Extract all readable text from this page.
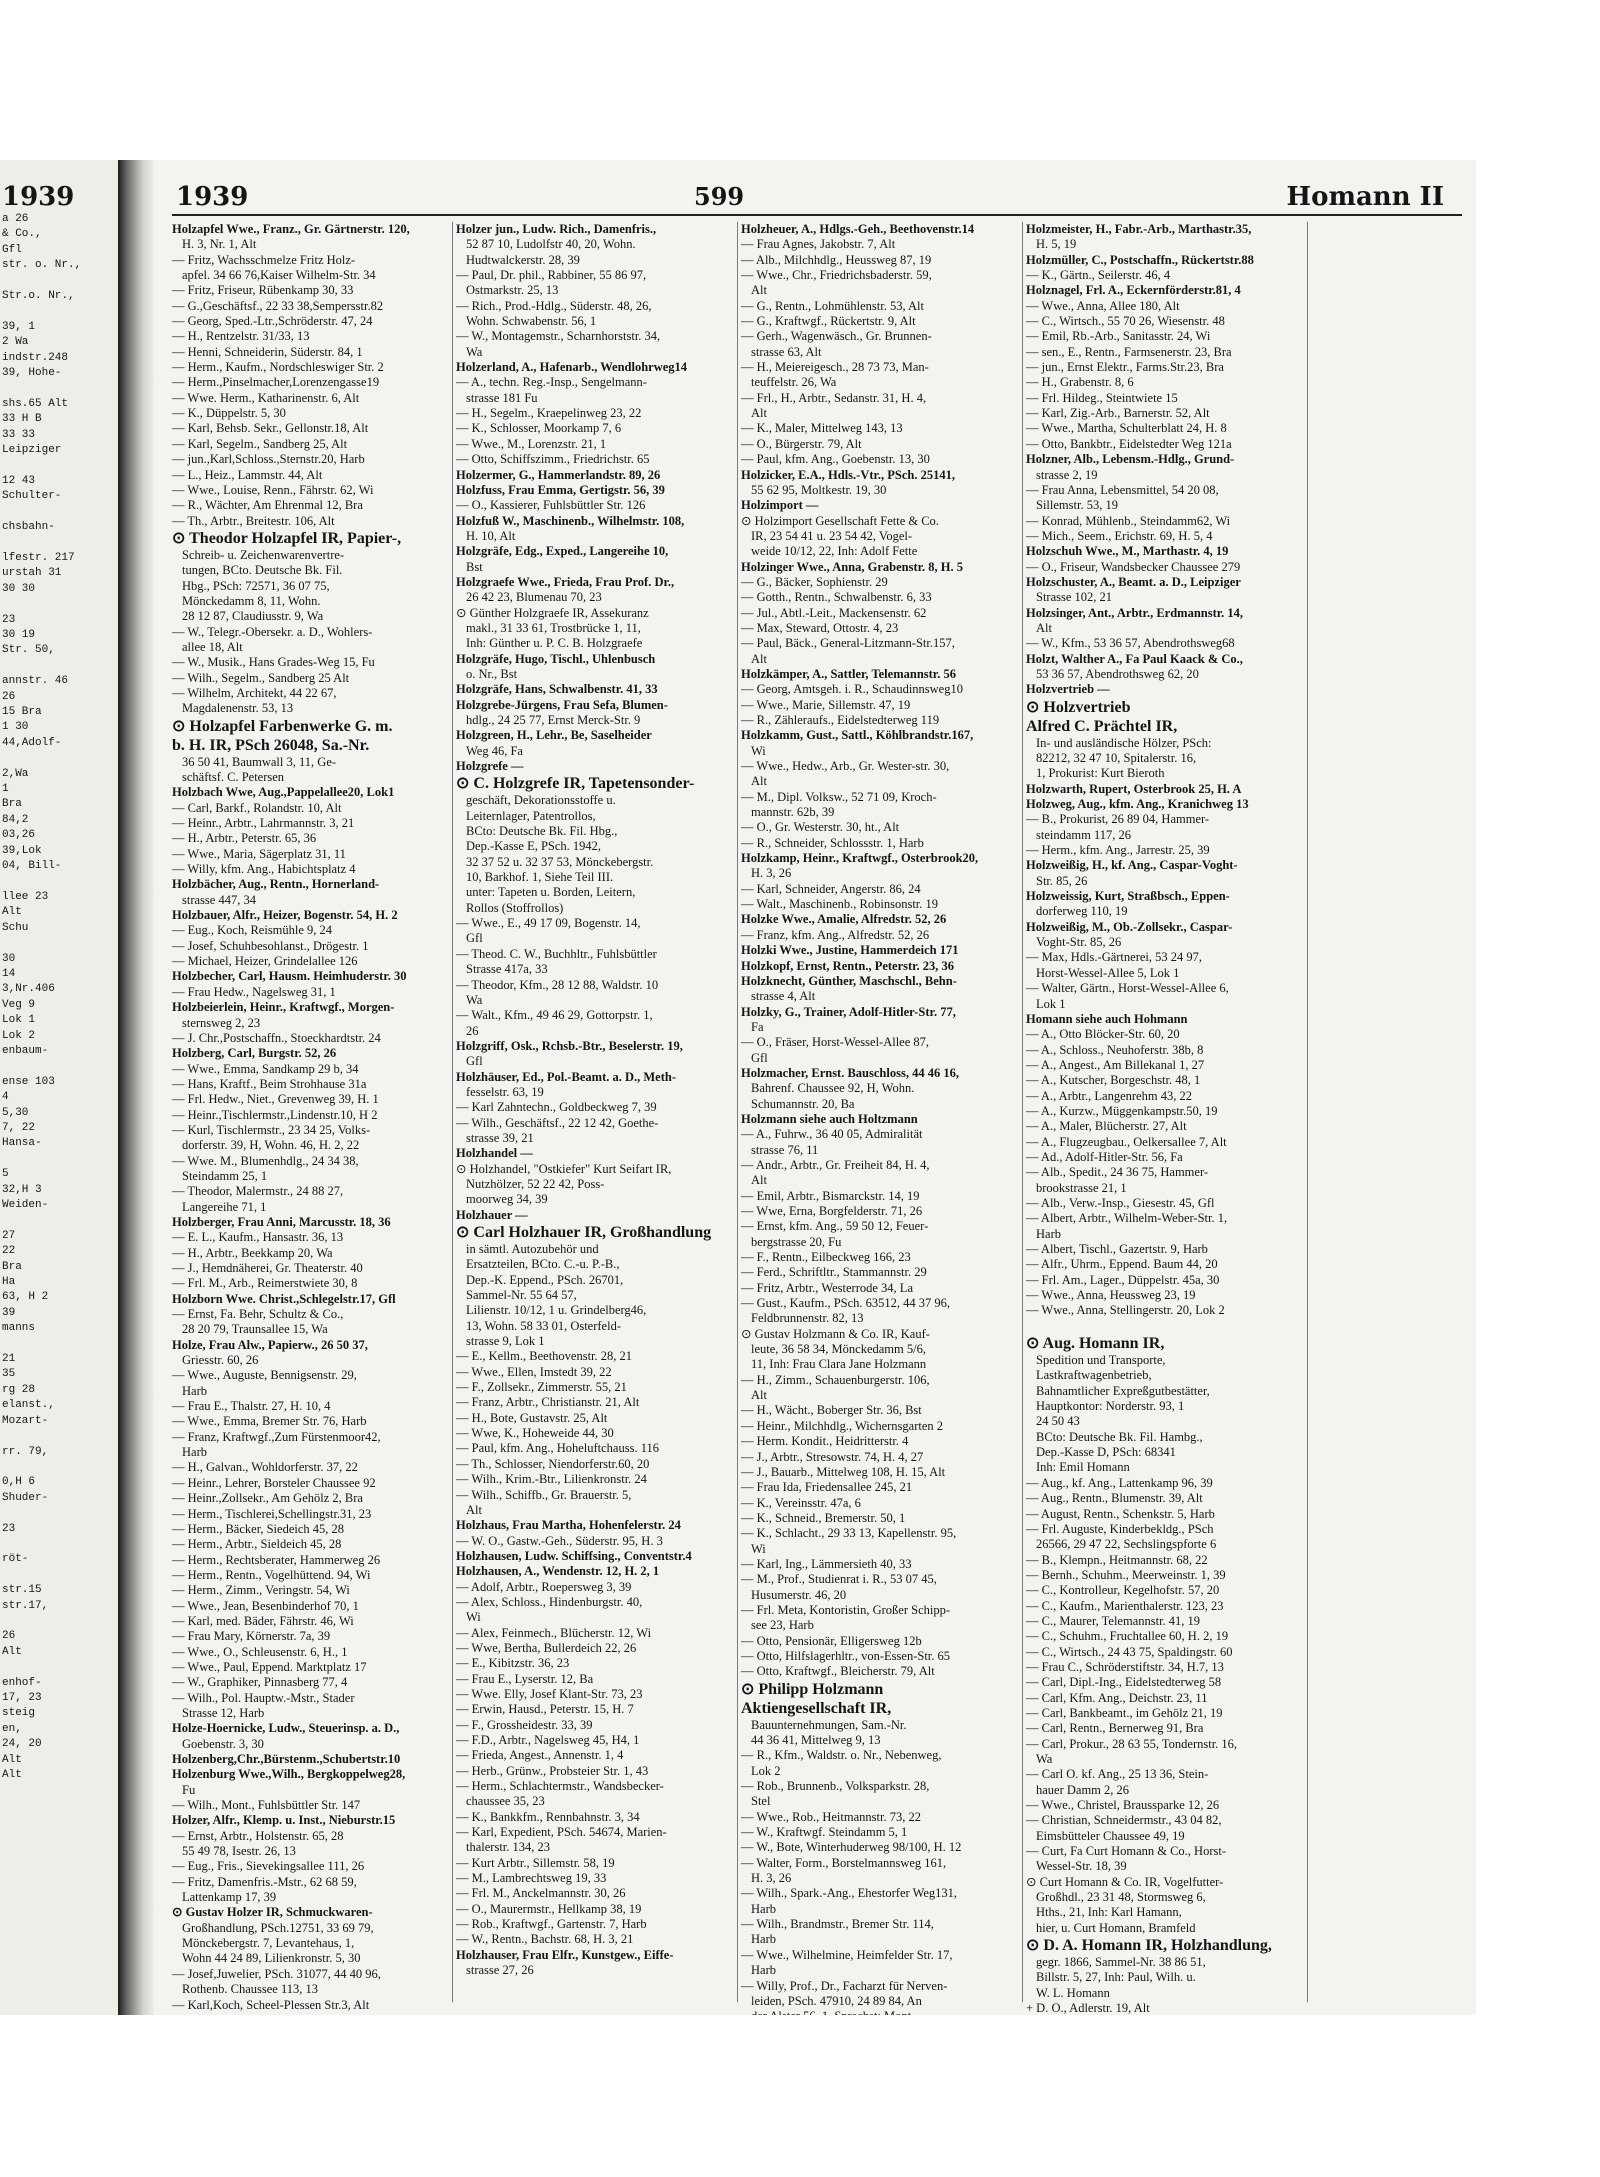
1939
a 26
& Co.,
Gfl
str. o. Nr.,

Str.o. Nr.,

39, 1
2 Wa
indstr.248
39, Hohe-

shs.65 Alt
33 H B
33 33
Leipziger

12 43
Schulter-

chsbahn-

lfestr. 217
urstah 31
30 30

23
30 19
Str. 50,

annstr. 46
26
15 Bra
1 30
44,Adolf-

2,Wa
1
Bra
84,2
03,26
39,Lok
04, Bill-

llee 23
Alt
Schu

30
14
3,Nr.406
Veg 9
Lok 1
Lok 2
enbaum-

ense 103
4
5,30
7, 22
Hansa-

5
32,H 3
Weiden-

27
22
Bra
Ha
63, H 2
39
manns

21
35
rg 28
elanst.,
Mozart-

rr. 79,

0,H 6
Shuder-

23

röt-

str.15
str.17,

26
Alt

enhof-
17, 23
steig
en,
24, 20
Alt
Alt
1939	599	Homann II
Holzapfel Wwe., Franz., Gr. Gärtnerstr. 120,
H. 3, Nr. 1, Alt
— Fritz, Wachsschmelze Fritz Holz-
apfel. 34 66 76,Kaiser Wilhelm-Str. 34
— Fritz, Friseur, Rübenkamp 30, 33
— G.,Geschäftsf., 22 33 38,Sempersstr.82
— Georg, Sped.-Ltr.,Schröderstr. 47, 24
— H., Rentzelstr. 31/33, 13
— Henni, Schneiderin, Süderstr. 84, 1
— Herm., Kaufm., Nordschleswiger Str. 2
— Herm.,Pinselmacher,Lorenzengasse19
— Wwe. Herm., Katharinenstr. 6, Alt
— K., Düppelstr. 5, 30
— Karl, Behsb. Sekr., Gellonstr.18, Alt
— Karl, Segelm., Sandberg 25, Alt
— jun.,Karl,Schloss.,Sternstr.20, Harb
— L., Heiz., Lammstr. 44, Alt
— Wwe., Louise, Renn., Fährstr. 62, Wi
— R., Wächter, Am Ehrenmal 12, Bra
— Th., Arbtr., Breitestr. 106, Alt
⊙ Theodor Holzapfel IR, Papier-,
Schreib- u. Zeichenwarenvertre-
tungen, BCto. Deutsche Bk. Fil.
Hbg., PSch: 72571, 36 07 75,
Mönckedamm 8, 11, Wohn.
28 12 87, Claudiusstr. 9, Wa
— W., Telegr.-Obersekr. a. D., Wohlers-
allee 18, Alt
— W., Musik., Hans Grades-Weg 15, Fu
— Wilh., Segelm., Sandberg 25 Alt
— Wilhelm, Architekt, 44 22 67,
Magdalenenstr. 53, 13
⊙ Holzapfel Farbenwerke G. m.
b. H. IR, PSch 26048, Sa.-Nr.
36 50 41, Baumwall 3, 11, Ge-
schäftsf. C. Petersen
Holzbach Wwe, Aug.,Pappelallee20, Lok1
— Carl, Barkf., Rolandstr. 10, Alt
— Heinr., Arbtr., Lahrmannstr. 3, 21
— H., Arbtr., Peterstr. 65, 36
— Wwe., Maria, Sägerplatz 31, 11
— Willy, kfm. Ang., Habichtsplatz 4
Holzbächer, Aug., Rentn., Hornerland-
strasse 447, 34
Holzbauer, Alfr., Heizer, Bogenstr. 54, H. 2
— Eug., Koch, Reismühle 9, 24
— Josef, Schuhbesohlanst., Drögestr. 1
— Michael, Heizer, Grindelallee 126
Holzbecher, Carl, Hausm. Heimhuderstr. 30
— Frau Hedw., Nagelsweg 31, 1
Holzbeierlein, Heinr., Kraftwgf., Morgen-
sternsweg 2, 23
— J. Chr.,Postschaffn., Stoeckhardtstr. 24
Holzberg, Carl, Burgstr. 52, 26
— Wwe., Emma, Sandkamp 29 b, 34
— Hans, Kraftf., Beim Strohhause 31a
— Frl. Hedw., Niet., Grevenweg 39, H. 1
— Heinr.,Tischlermstr.,Lindenstr.10, H 2
— Kurl, Tischlermstr., 23 34 25, Volks-
dorferstr. 39, H, Wohn. 46, H. 2, 22
— Wwe. M., Blumenhdlg., 24 34 38,
Steindamm 25, 1
— Theodor, Malermstr., 24 88 27,
Langereihe 71, 1
Holzberger, Frau Anni, Marcusstr. 18, 36
— E. L., Kaufm., Hansastr. 36, 13
— H., Arbtr., Beekkamp 20, Wa
— J., Hemdnäherei, Gr. Theaterstr. 40
— Frl. M., Arb., Reimerstwiete 30, 8
Holzborn Wwe. Christ.,Schlegelstr.17, Gfl
— Ernst, Fa. Behr, Schultz & Co.,
28 20 79, Traunsallee 15, Wa
Holze, Frau Alw., Papierw., 26 50 37,
Griesstr. 60, 26
— Wwe., Auguste, Bennigsenstr. 29,
Harb
— Frau E., Thalstr. 27, H. 10, 4
— Wwe., Emma, Bremer Str. 76, Harb
— Franz, Kraftwgf.,Zum Fürstenmoor42,
Harb
— H., Galvan., Wohldorferstr. 37, 22
— Heinr., Lehrer, Borsteler Chaussee 92
— Heinr.,Zollsekr., Am Gehölz 2, Bra
— Herm., Tischlerei,Schellingstr.31, 23
— Herm., Bäcker, Siedeich 45, 28
— Herm., Arbtr., Sieldeich 45, 28
— Herm., Rechtsberater, Hammerweg 26
— Herm., Rentn., Vogelhüttend. 94, Wi
— Herm., Zimm., Veringstr. 54, Wi
— Wwe., Jean, Besenbinderhof 70, 1
— Karl, med. Bäder, Fährstr. 46, Wi
— Frau Mary, Körnerstr. 7a, 39
— Wwe., O., Schleusenstr. 6, H., 1
— Wwe., Paul, Eppend. Marktplatz 17
— W., Graphiker, Pinnasberg 77, 4
— Wilh., Pol. Hauptw.-Mstr., Stader
Strasse 12, Harb
Holze-Hoernicke, Ludw., Steuerinsp. a. D.,
Goebenstr. 3, 30
Holzenberg,Chr.,Bürstenm.,Schubertstr.10
Holzenburg Wwe.,Wilh., Bergkoppelweg28,
Fu
— Wilh., Mont., Fuhlsbüttler Str. 147
Holzer, Alfr., Klemp. u. Inst., Nieburstr.15
— Ernst, Arbtr., Holstenstr. 65, 28
55 49 78, Isestr. 26, 13
— Eug., Fris., Sievekingsallee 111, 26
— Fritz, Damenfris.-Mstr., 62 68 59,
Lattenkamp 17, 39
⊙ Gustav Holzer IR, Schmuckwaren-
Großhandlung, PSch.12751, 33 69 79,
Mönckebergstr. 7, Levantehaus, 1,
Wohn 44 24 89, Lilienkronstr. 5, 30
— Josef,Juwelier, PSch. 31077, 44 40 96,
Rothenb. Chaussee 113, 13
— Karl,Koch, Scheel-Plessen Str.3, Alt
Holzer jun., Ludw. Rich., Damenfris.,
52 87 10, Ludolfstr 40, 20, Wohn.
Hudtwalckerstr. 28, 39
— Paul, Dr. phil., Rabbiner, 55 86 97,
Ostmarkstr. 25, 13
— Rich., Prod.-Hdlg., Süderstr. 48, 26,
Wohn. Schwabenstr. 56, 1
— W., Montagemstr., Scharnhorststr. 34,
Wa
Holzerland, A., Hafenarb., Wendlohrweg14
— A., techn. Reg.-Insp., Sengelmann-
strasse 181 Fu
— H., Segelm., Kraepelinweg 23, 22
— K., Schlosser, Moorkamp 7, 6
— Wwe., M., Lorenzstr. 21, 1
— Otto, Schiffszimm., Friedrichstr. 65
Holzermer, G., Hammerlandstr. 89, 26
Holzfuss, Frau Emma, Gertigstr. 56, 39
— O., Kassierer, Fuhlsbüttler Str. 126
Holzfuß W., Maschinenb., Wilhelmstr. 108,
H. 10, Alt
Holzgräfe, Edg., Exped., Langereihe 10,
Bst
Holzgraefe Wwe., Frieda, Frau Prof. Dr.,
26 42 23, Blumenau 70, 23
⊙ Günther Holzgraefe IR, Assekuranz
makl., 31 33 61, Trostbrücke 1, 11,
Inh: Günther u. P. C. B. Holzgraefe
Holzgräfe, Hugo, Tischl., Uhlenbusch
o. Nr., Bst
Holzgräfe, Hans, Schwalbenstr. 41, 33
Holzgrebe-Jürgens, Frau Sefa, Blumen-
hdlg., 24 25 77, Ernst Merck-Str. 9
Holzgreen, H., Lehr., Be, Saselheider
Weg 46, Fa
Holzgrefe —
⊙ C. Holzgrefe IR, Tapetensonder-
geschäft, Dekorationsstoffe u.
Leiternlager, Patentrollos,
BCto: Deutsche Bk. Fil. Hbg.,
Dep.-Kasse E, PSch. 1942,
32 37 52 u. 32 37 53, Mönckebergstr.
10, Barkhof. 1, Siehe Teil III.
unter: Tapeten u. Borden, Leitern,
Rollos (Stoffrollos)
— Wwe., E., 49 17 09, Bogenstr. 14,
Gfl
— Theod. C. W., Buchhltr., Fuhlsbüttler
Strasse 417a, 33
— Theodor, Kfm., 28 12 88, Waldstr. 10
Wa
— Walt., Kfm., 49 46 29, Gottorpstr. 1,
26
Holzgriff, Osk., Rchsb.-Btr., Beselerstr. 19,
Gfl
Holzhäuser, Ed., Pol.-Beamt. a. D., Meth-
fesselstr. 63, 19
— Karl Zahntechn., Goldbeckweg 7, 39
— Wilh., Geschäftsf., 22 12 42, Goethe-
strasse 39, 21
Holzhandel —
⊙ Holzhandel, "Ostkiefer" Kurt Seifart IR,
Nutzhölzer, 52 22 42, Poss-
moorweg 34, 39
Holzhauer —
⊙ Carl Holzhauer IR, Großhandlung
in sämtl. Autozubehör und
Ersatzteilen, BCto. C.-u. P.-B.,
Dep.-K. Eppend., PSch. 26701,
Sammel-Nr. 55 64 57,
Lilienstr. 10/12, 1 u. Grindelberg46,
13, Wohn. 58 33 01, Osterfeld-
strasse 9, Lok 1
— E., Kellm., Beethovenstr. 28, 21
— Wwe., Ellen, Imstedt 39, 22
— F., Zollsekr., Zimmerstr. 55, 21
— Franz, Arbtr., Christianstr. 21, Alt
— H., Bote, Gustavstr. 25, Alt
— Wwe, K., Hoheweide 44, 30
— Paul, kfm. Ang., Hoheluftchauss. 116
— Th., Schlosser, Niendorferstr.60, 20
— Wilh., Krim.-Btr., Lilienkronstr. 24
— Wilh., Schiffb., Gr. Brauerstr. 5,
Alt
Holzhaus, Frau Martha, Hohenfelerstr. 24
— W. O., Gastw.-Geh., Süderstr. 95, H. 3
Holzhausen, Ludw. Schiffsing., Conventstr.4
Holzhausen, A., Wendenstr. 12, H. 2, 1
— Adolf, Arbtr., Roepersweg 3, 39
— Alex, Schloss., Hindenburgstr. 40,
Wi
— Alex, Feinmech., Blücherstr. 12, Wi
— Wwe, Bertha, Bullerdeich 22, 26
— E., Kibitzstr. 36, 23
— Frau E., Lyserstr. 12, Ba
— Wwe. Elly, Josef Klant-Str. 73, 23
— Erwin, Hausd., Peterstr. 15, H. 7
— F., Grossheidestr. 33, 39
— F.D., Arbtr., Nagelsweg 45, H4, 1
— Frieda, Angest., Annenstr. 1, 4
— Herb., Grünw., Probsteier Str. 1, 43
— Herm., Schlachtermstr., Wandsbecker-
chaussee 35, 23
— K., Bankkfm., Rennbahnstr. 3, 34
— Karl, Expedient, PSch. 54674, Marien-
thalerstr. 134, 23
— Kurt Arbtr., Sillemstr. 58, 19
— M., Lambrechtsweg 19, 33
— Frl. M., Anckelmannstr. 30, 26
— O., Maurermstr., Hellkamp 38, 19
— Rob., Kraftwgf., Gartenstr. 7, Harb
— W., Rentn., Bachstr. 68, H. 3, 21
Holzhauser, Frau Elfr., Kunstgew., Eiffe-
strasse 27, 26
Holzheuer, A., Hdlgs.-Geh., Beethovenstr.14
— Frau Agnes, Jakobstr. 7, Alt
— Alb., Milchhdlg., Heussweg 87, 19
— Wwe., Chr., Friedrichsbaderstr. 59,
Alt
— G., Rentn., Lohmühlenstr. 53, Alt
— G., Kraftwgf., Rückertstr. 9, Alt
— Gerh., Wagenwäsch., Gr. Brunnen-
strasse 63, Alt
— H., Meiereigesch., 28 73 73, Man-
teuffelstr. 26, Wa
— Frl., H., Arbtr., Sedanstr. 31, H. 4,
Alt
— K., Maler, Mittelweg 143, 13
— O., Bürgerstr. 79, Alt
— Paul, kfm. Ang., Goebenstr. 13, 30
Holzicker, E.A., Hdls.-Vtr., PSch. 25141,
55 62 95, Moltkestr. 19, 30
Holzimport —
⊙ Holzimport Gesellschaft Fette & Co.
IR, 23 54 41 u. 23 54 42, Vogel-
weide 10/12, 22, Inh: Adolf Fette
Holzinger Wwe., Anna, Grabenstr. 8, H. 5
— G., Bäcker, Sophienstr. 29
— Gotth., Rentn., Schwalbenstr. 6, 33
— Jul., Abtl.-Leit., Mackensenstr. 62
— Max, Steward, Ottostr. 4, 23
— Paul, Bäck., General-Litzmann-Str.157,
Alt
Holzkämper, A., Sattler, Telemannstr. 56
— Georg, Amtsgeh. i. R., Schaudinnsweg10
— Wwe., Marie, Sillemstr. 47, 19
— R., Zähleraufs., Eidelstedterweg 119
Holzkamm, Gust., Sattl., Köhlbrandstr.167,
Wi
— Wwe., Hedw., Arb., Gr. Wester-str. 30,
Alt
— M., Dipl. Volksw., 52 71 09, Kroch-
mannstr. 62b, 39
— O., Gr. Westerstr. 30, ht., Alt
— R., Schneider, Schlossstr. 1, Harb
Holzkamp, Heinr., Kraftwgf., Osterbrook20,
H. 3, 26
— Karl, Schneider, Angerstr. 86, 24
— Walt., Maschinenb., Robinsonstr. 19
Holzke Wwe., Amalie, Alfredstr. 52, 26
— Franz, kfm. Ang., Alfredstr. 52, 26
Holzki Wwe., Justine, Hammerdeich 171
Holzkopf, Ernst, Rentn., Peterstr. 23, 36
Holzknecht, Günther, Maschschl., Behn-
strasse 4, Alt
Holzky, G., Trainer, Adolf-Hitler-Str. 77,
Fa
— O., Fräser, Horst-Wessel-Allee 87,
Gfl
Holzmacher, Ernst. Bauschloss, 44 46 16,
Bahrenf. Chaussee 92, H, Wohn.
Schumannstr. 20, Ba
Holzmann siehe auch Holtzmann
— A., Fuhrw., 36 40 05, Admiralität
strasse 76, 11
— Andr., Arbtr., Gr. Freiheit 84, H. 4,
Alt
— Emil, Arbtr., Bismarckstr. 14, 19
— Wwe, Erna, Borgfelderstr. 71, 26
— Ernst, kfm. Ang., 59 50 12, Feuer-
bergstrasse 20, Fu
— F., Rentn., Eilbeckweg 166, 23
— Ferd., Schriftltr., Stammannstr. 29
— Fritz, Arbtr., Westerrode 34, La
— Gust., Kaufm., PSch. 63512, 44 37 96,
Feldbrunnenstr. 82, 13
⊙ Gustav Holzmann & Co. IR, Kauf-
leute, 36 58 34, Mönckedamm 5/6,
11, Inh: Frau Clara Jane Holzmann
— H., Zimm., Schauenburgerstr. 106,
Alt
— H., Wächt., Boberger Str. 36, Bst
— Heinr., Milchhdlg., Wichernsgarten 2
— Herm. Kondit., Heidritterstr. 4
— J., Arbtr., Stresowstr. 74, H. 4, 27
— J., Bauarb., Mittelweg 108, H. 15, Alt
— Frau Ida, Friedensallee 245, 21
— K., Vereinsstr. 47a, 6
— K., Schneid., Bremerstr. 50, 1
— K., Schlacht., 29 33 13, Kapellenstr. 95,
Wi
— Karl, Ing., Lämmersieth 40, 33
— M., Prof., Studienrat i. R., 53 07 45,
Husumerstr. 46, 20
— Frl. Meta, Kontoristin, Großer Schipp-
see 23, Harb
— Otto, Pensionär, Elligersweg 12b
— Otto, Hilfslagerhltr., von-Essen-Str. 65
— Otto, Kraftwgf., Bleicherstr. 79, Alt
⊙ Philipp Holzmann
Aktiengesellschaft IR,
Bauunternehmungen, Sam.-Nr.
44 36 41, Mittelweg 9, 13
— R., Kfm., Waldstr. o. Nr., Nebenweg,
Lok 2
— Rob., Brunnenb., Volksparkstr. 28,
Stel
— Wwe., Rob., Heitmannstr. 73, 22
— W., Kraftwgf. Steindamm 5, 1
— W., Bote, Winterhuderweg 98/100, H. 12
— Walter, Form., Borstelmannsweg 161,
H. 3, 26
— Wilh., Spark.-Ang., Ehestorfer Weg131,
Harb
— Wilh., Brandmstr., Bremer Str. 114,
Harb
— Wwe., Wilhelmine, Heimfelder Str. 17,
Harb
— Willy, Prof., Dr., Facharzt für Nerven-
leiden, PSch. 47910, 24 89 84, An
Holzmeister, H., Fabr.-Arb., Marthastr.35,
H. 5, 19
Holzmüller, C., Postschaffn., Rückertstr.88
— K., Gärtn., Seilerstr. 46, 4
Holznagel, Frl. A., Eckernförderstr.81, 4
— Wwe., Anna, Allee 180, Alt
— C., Wirtsch., 55 70 26, Wiesenstr. 48
— Emil, Rb.-Arb., Sanitasstr. 24, Wi
— sen., E., Rentn., Farmsenerstr. 23, Bra
— jun., Ernst Elektr., Farms.Str.23, Bra
— H., Grabenstr. 8, 6
— Frl. Hildeg., Steintwiete 15
— Karl, Zig.-Arb., Barnerstr. 52, Alt
— Wwe., Martha, Schulterblatt 24, H. 8
— Otto, Bankbtr., Eidelstedter Weg 121a
Holzner, Alb., Lebensm.-Hdlg., Grund-
strasse 2, 19
— Frau Anna, Lebensmittel, 54 20 08,
Sillemstr. 53, 19
— Konrad, Mühlenb., Steindamm62, Wi
— Mich., Seem., Erichstr. 69, H. 5, 4
Holzschuh Wwe., M., Marthastr. 4, 19
— O., Friseur, Wandsbecker Chaussee 279
Holzschuster, A., Beamt. a. D., Leipziger
Strasse 102, 21
Holzsinger, Ant., Arbtr., Erdmannstr. 14,
Alt
— W., Kfm., 53 36 57, Abendrothsweg68
Holzt, Walther A., Fa Paul Kaack & Co.,
53 36 57, Abendrothsweg 62, 20
Holzvertrieb —
⊙ Holzvertrieb
Alfred C. Prächtel IR,
In- und ausländische Hölzer, PSch:
82212, 32 47 10, Spitalerstr. 16,
1, Prokurist: Kurt Bieroth
Holzwarth, Rupert, Osterbrook 25, H. A
Holzweg, Aug., kfm. Ang., Kranichweg 13
— B., Prokurist, 26 89 04, Hammer-
steindamm 117, 26
— Herm., kfm. Ang., Jarrestr. 25, 39
Holzweißig, H., kf. Ang., Caspar-Voght-
Str. 85, 26
Holzweissig, Kurt, Straßbsch., Eppen-
dorferweg 110, 19
Holzweißig, M., Ob.-Zollsekr., Caspar-
Voght-Str. 85, 26
— Max, Hdls.-Gärtnerei, 53 24 97,
Horst-Wessel-Allee 5, Lok 1
— Walter, Gärtn., Horst-Wessel-Allee 6,
Lok 1
Homann siehe auch Hohmann
— A., Otto Blöcker-Str. 60, 20
— A., Schloss., Neuhoferstr. 38b, 8
— A., Angest., Am Billekanal 1, 27
— A., Kutscher, Borgeschstr. 48, 1
— A., Arbtr., Langenrehm 43, 22
— A., Kurzw., Müggenkampstr.50, 19
— A., Maler, Blücherstr. 27, Alt
— A., Flugzeugbau., Oelkersallee 7, Alt
— Ad., Adolf-Hitler-Str. 56, Fa
— Alb., Spedit., 24 36 75, Hammer-
brookstrasse 21, 1
— Alb., Verw.-Insp., Giesestr. 45, Gfl
— Albert, Arbtr., Wilhelm-Weber-Str. 1,
Harb
— Albert, Tischl., Gazertstr. 9, Harb
— Alfr., Uhrm., Eppend. Baum 44, 20
— Frl. Am., Lager., Düppelstr. 45a, 30
— Wwe., Anna, Heussweg 23, 19
— Wwe., Anna, Stellingerstr. 20, Lok 2

⊙ Aug. Homann IR,
Spedition und Transporte,
Lastkraftwagenbetrieb,
Bahnamtlicher Expreßgutbestätter,
Hauptkontor: Norderstr. 93, 1
24 50 43
BCto: Deutsche Bk. Fil. Hambg.,
Dep.-Kasse D, PSch: 68341
Inh: Emil Homann
— Aug., kf. Ang., Lattenkamp 96, 39
— Aug., Rentn., Blumenstr. 39, Alt
— August, Rentn., Schenkstr. 5, Harb
— Frl. Auguste, Kinderbekldg., PSch
26566, 29 47 22, Sechslingspforte 6
— B., Klempn., Heitmannstr. 68, 22
— Bernh., Schuhm., Meerweinstr. 1, 39
— C., Kontrolleur, Kegelhofstr. 57, 20
— C., Kaufm., Marienthalerstr. 123, 23
— C., Maurer, Telemannstr. 41, 19
— C., Schuhm., Fruchtallee 60, H. 2, 19
— C., Wirtsch., 24 43 75, Spaldingstr. 60
— Frau C., Schröderstiftstr. 34, H.7, 13
— Carl, Dipl.-Ing., Eidelstedterweg 58
— Carl, Kfm. Ang., Deichstr. 23, 11
— Carl, Bankbeamt., im Gehölz 21, 19
— Carl, Rentn., Bernerweg 91, Bra
— Carl, Prokur., 28 63 55, Tondernstr. 16,
Wa
— Carl O. kf. Ang., 25 13 36, Stein-
hauer Damm 2, 26
— Wwe., Christel, Braussparke 12, 26
— Christian, Schneidermstr., 43 04 82,
Eimsbütteler Chaussee 49, 19
— Curt, Fa Curt Homann & Co., Horst-
Wessel-Str. 18, 39
⊙ Curt Homann & Co. IR, Vogelfutter-
Großhdl., 23 31 48, Stormsweg 6,
Hths., 21, Inh: Karl Hamann,
hier, u. Curt Homann, Bramfeld
⊙ D. A. Homann IR, Holzhandlung,
gegr. 1866, Sammel-Nr. 38 86 51,
Billstr. 5, 27, Inh: Paul, Wilh. u.
W. L. Homann
+ D. O., Adlerstr. 19, Alt
